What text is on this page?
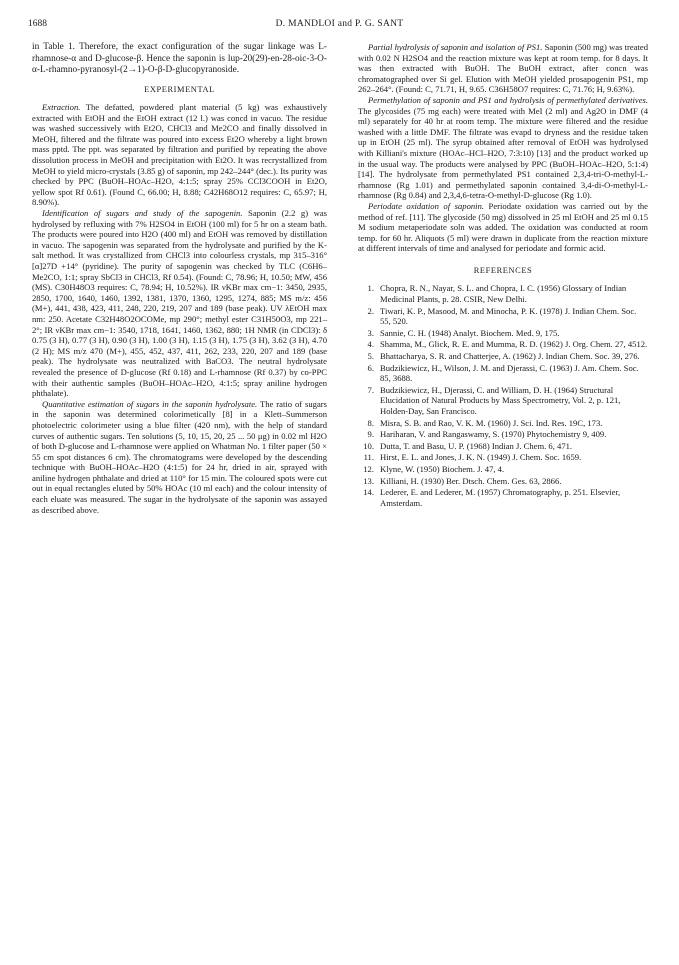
1688	D. MANDLOI and P. G. SANT

in Table 1. Therefore, the exact configuration of the sugar linkage was L-rhamnose-α and D-glucose-β. Hence the saponin is lup-20(29)-en-28-oic-3-O-α-L-rhamno-pyranosyl-(2→1)-O-β-D-glucopyranoside.

EXPERIMENTAL

Extraction. The defatted, powdered plant material (5 kg) was exhaustively extracted with EtOH and the EtOH extract (12 l.) was concd in vacuo. The residue was washed successively with Et2O, CHCl3 and Me2CO and finally dissolved in MeOH, filtered and the filtrate was poured into excess Et2O whereby a light brown mass pptd. The ppt. was separated by filtration and purified by repeating the above dissolution process in MeOH and precipitation with Et2O. It was recrystallized from MeOH to yield micro-crystals (3.85 g) of saponin, mp 242–244° (dec.). Its purity was checked by PPC (BuOH–HOAc–H2O, 4:1:5; spray 25% CCl3COOH in Et2O, yellow spot Rf 0.61). (Found C, 66.00; H, 8.88; C42H68O12 requires: C, 65.97; H, 8.90%).

Identification of sugars and study of the sapogenin. Saponin (2.2 g) was hydrolysed by refluxing with 7% H2SO4 in EtOH (100 ml) for 5 hr on a steam bath. The products were poured into H2O (400 ml) and EtOH was removed by distillation in vacuo. The sapogenin was separated from the hydrolysate and purified by the K-salt method. It was crystallized from CHCl3 into colourless crystals, mp 315–316° [α]27D +14° (pyridine). The purity of sapogenin was checked by TLC (C6H6–Me2CO, 1:1; spray SbCl3 in CHCl3, Rf 0.54). (Found: C, 78.96; H, 10.50; MW, 456 (MS). C30H48O3 requires: C, 78.94; H, 10.52%). IR νKBr max cm−1: 3450, 2935, 2850, 1700, 1640, 1460, 1392, 1381, 1370, 1360, 1295, 1274, 885; MS m/z: 456 (M+), 441, 438, 423, 411, 248, 220, 219, 207 and 189 (base peak). UV λEtOH max nm: 250. Acetate C32H48O2OCOMe, mp 290°; methyl ester C31H50O3, mp 221–2°; IR νKBr max cm−1: 3540, 1718, 1641, 1460, 1362, 880; 1H NMR (in CDCl3): δ 0.75 (3 H), 0.77 (3 H), 0.90 (3 H), 1.00 (3 H), 1.15 (3 H), 1.75 (3 H), 3.62 (3 H), 4.70 (2 H); MS m/z 470 (M+), 455, 452, 437, 411, 262, 233, 220, 207 and 189 (base peak). The hydrolysate was neutralized with BaCO3. The neutral hydrolysate revealed the presence of D-glucose (Rf 0.18) and L-rhamnose (Rf 0.37) by co-PPC with their authentic samples (BuOH–HOAc–H2O, 4:1:5; spray aniline hydrogen phthalate).

Quantitative estimation of sugars in the saponin hydrolysate. The ratio of sugars in the saponin was determined colorimetically [8] in a Klett–Summerson photoelectric colorimeter using a blue filter (420 nm), with the help of standard curves of authentic sugars. Ten solutions (5, 10, 15, 20, 25 ... 50 μg) in 0.02 ml H2O of both D-glucose and L-rhamnose were applied on Whatman No. 1 filter paper (50 × 55 cm spot distances 6 cm). The chromatograms were developed by the descending technique with BuOH–HOAc–H2O (4:1:5) for 24 hr, dried in air, sprayed with aniline hydrogen phthalate and dried at 110° for 15 min. The coloured spots were cut out in equal rectangles eluted by 50% HOAc (10 ml each) and the colour intensity of each eluate was measured. The sugar in the hydrolysate of the saponin was assayed as described above.

Partial hydrolysis of saponin and isolation of PS1. Saponin (500 mg) was treated with 0.02 N H2SO4 and the reaction mixture was kept at room temp. for 8 days. It was then extracted with BuOH. The BuOH extract, after concn was chromatographed over Si gel. Elution with MeOH yielded prosapogenin PS1, mp 262–264°. (Found: C, 71.71, H, 9.65. C36H58O7 requires: C, 71.76; H, 9.63%).

Permethylation of saponin and PS1 and hydrolysis of permethylated derivatives. The glycosides (75 mg each) were treated with MeI (2 ml) and Ag2O in DMF (4 ml) separately for 40 hr at room temp. The mixture were filtered and the residue washed with a little DMF. The filtrate was evapd to dryness and the residue taken up in EtOH (25 ml). The syrup obtained after removal of EtOH was hydrolysed with Killiani's mixture (HOAc–HCl–H2O, 7:3:10) [13] and the product worked up in the usual way. The products were analysed by PPC (BuOH–HOAc–H2O, 5:1:4) [14]. The hydrolysate from permethylated PS1 contained 2,3,4-tri-O-methyl-L-rhamnose (Rg 1.01) and permethylated saponin contained 3,4-di-O-methyl-L-rhamnose (Rg 0.84) and 2,3,4,6-tetra-O-methyl-D-glucose (Rg 1.0).

Periodate oxidation of saponin. Periodate oxidation was carried out by the method of ref. [11]. The glycoside (50 mg) dissolved in 25 ml EtOH and 25 ml 0.15 M sodium metaperiodate soln was added. The oxidation was conducted at room temp. for 60 hr. Aliquots (5 ml) were drawn in duplicate from the reaction mixture at different intervals of time and analysed for periodate and formic acid.

REFERENCES
1. Chopra, R. N., Nayar, S. L. and Chopra, I. C. (1956) Glossary of Indian Medicinal Plants, p. 28. CSIR, New Delhi.
2. Tiwari, K. P., Masood, M. and Minocha, P. K. (1978) J. Indian Chem. Soc. 55, 520.
3. Sannie, C. H. (1948) Analyt. Biochem. Med. 9, 175.
4. Shamma, M., Glick, R. E. and Mumma, R. D. (1962) J. Org. Chem. 27, 4512.
5. Bhattacharya, S. R. and Chatterjee, A. (1962) J. Indian Chem. Soc. 39, 276.
6. Budzikiewicz, H., Wilson, J. M. and Djerassi, C. (1963) J. Am. Chem. Soc. 85, 3688.
7. Budzikiewicz, H., Djerassi, C. and William, D. H. (1964) Structural Elucidation of Natural Products by Mass Spectrometry, Vol. 2, p. 121, Holden-Day, San Francisco.
8. Misra, S. B. and Rao, V. K. M. (1960) J. Sci. Ind. Res. 19C, 173.
9. Hariharan, V. and Rangaswamy, S. (1970) Phytochemistry 9, 409.
10. Dutta, T. and Basu, U. P. (1968) Indian J. Chem. 6, 471.
11. Hirst, E. L. and Jones, J. K. N. (1949) J. Chem. Soc. 1659.
12. Klyne, W. (1950) Biochem. J. 47, 4.
13. Killiani, H. (1930) Ber. Dtsch. Chem. Ges. 63, 2866.
14. Lederer, E. and Lederer, M. (1957) Chromatography, p. 251. Elsevier, Amsterdam.
